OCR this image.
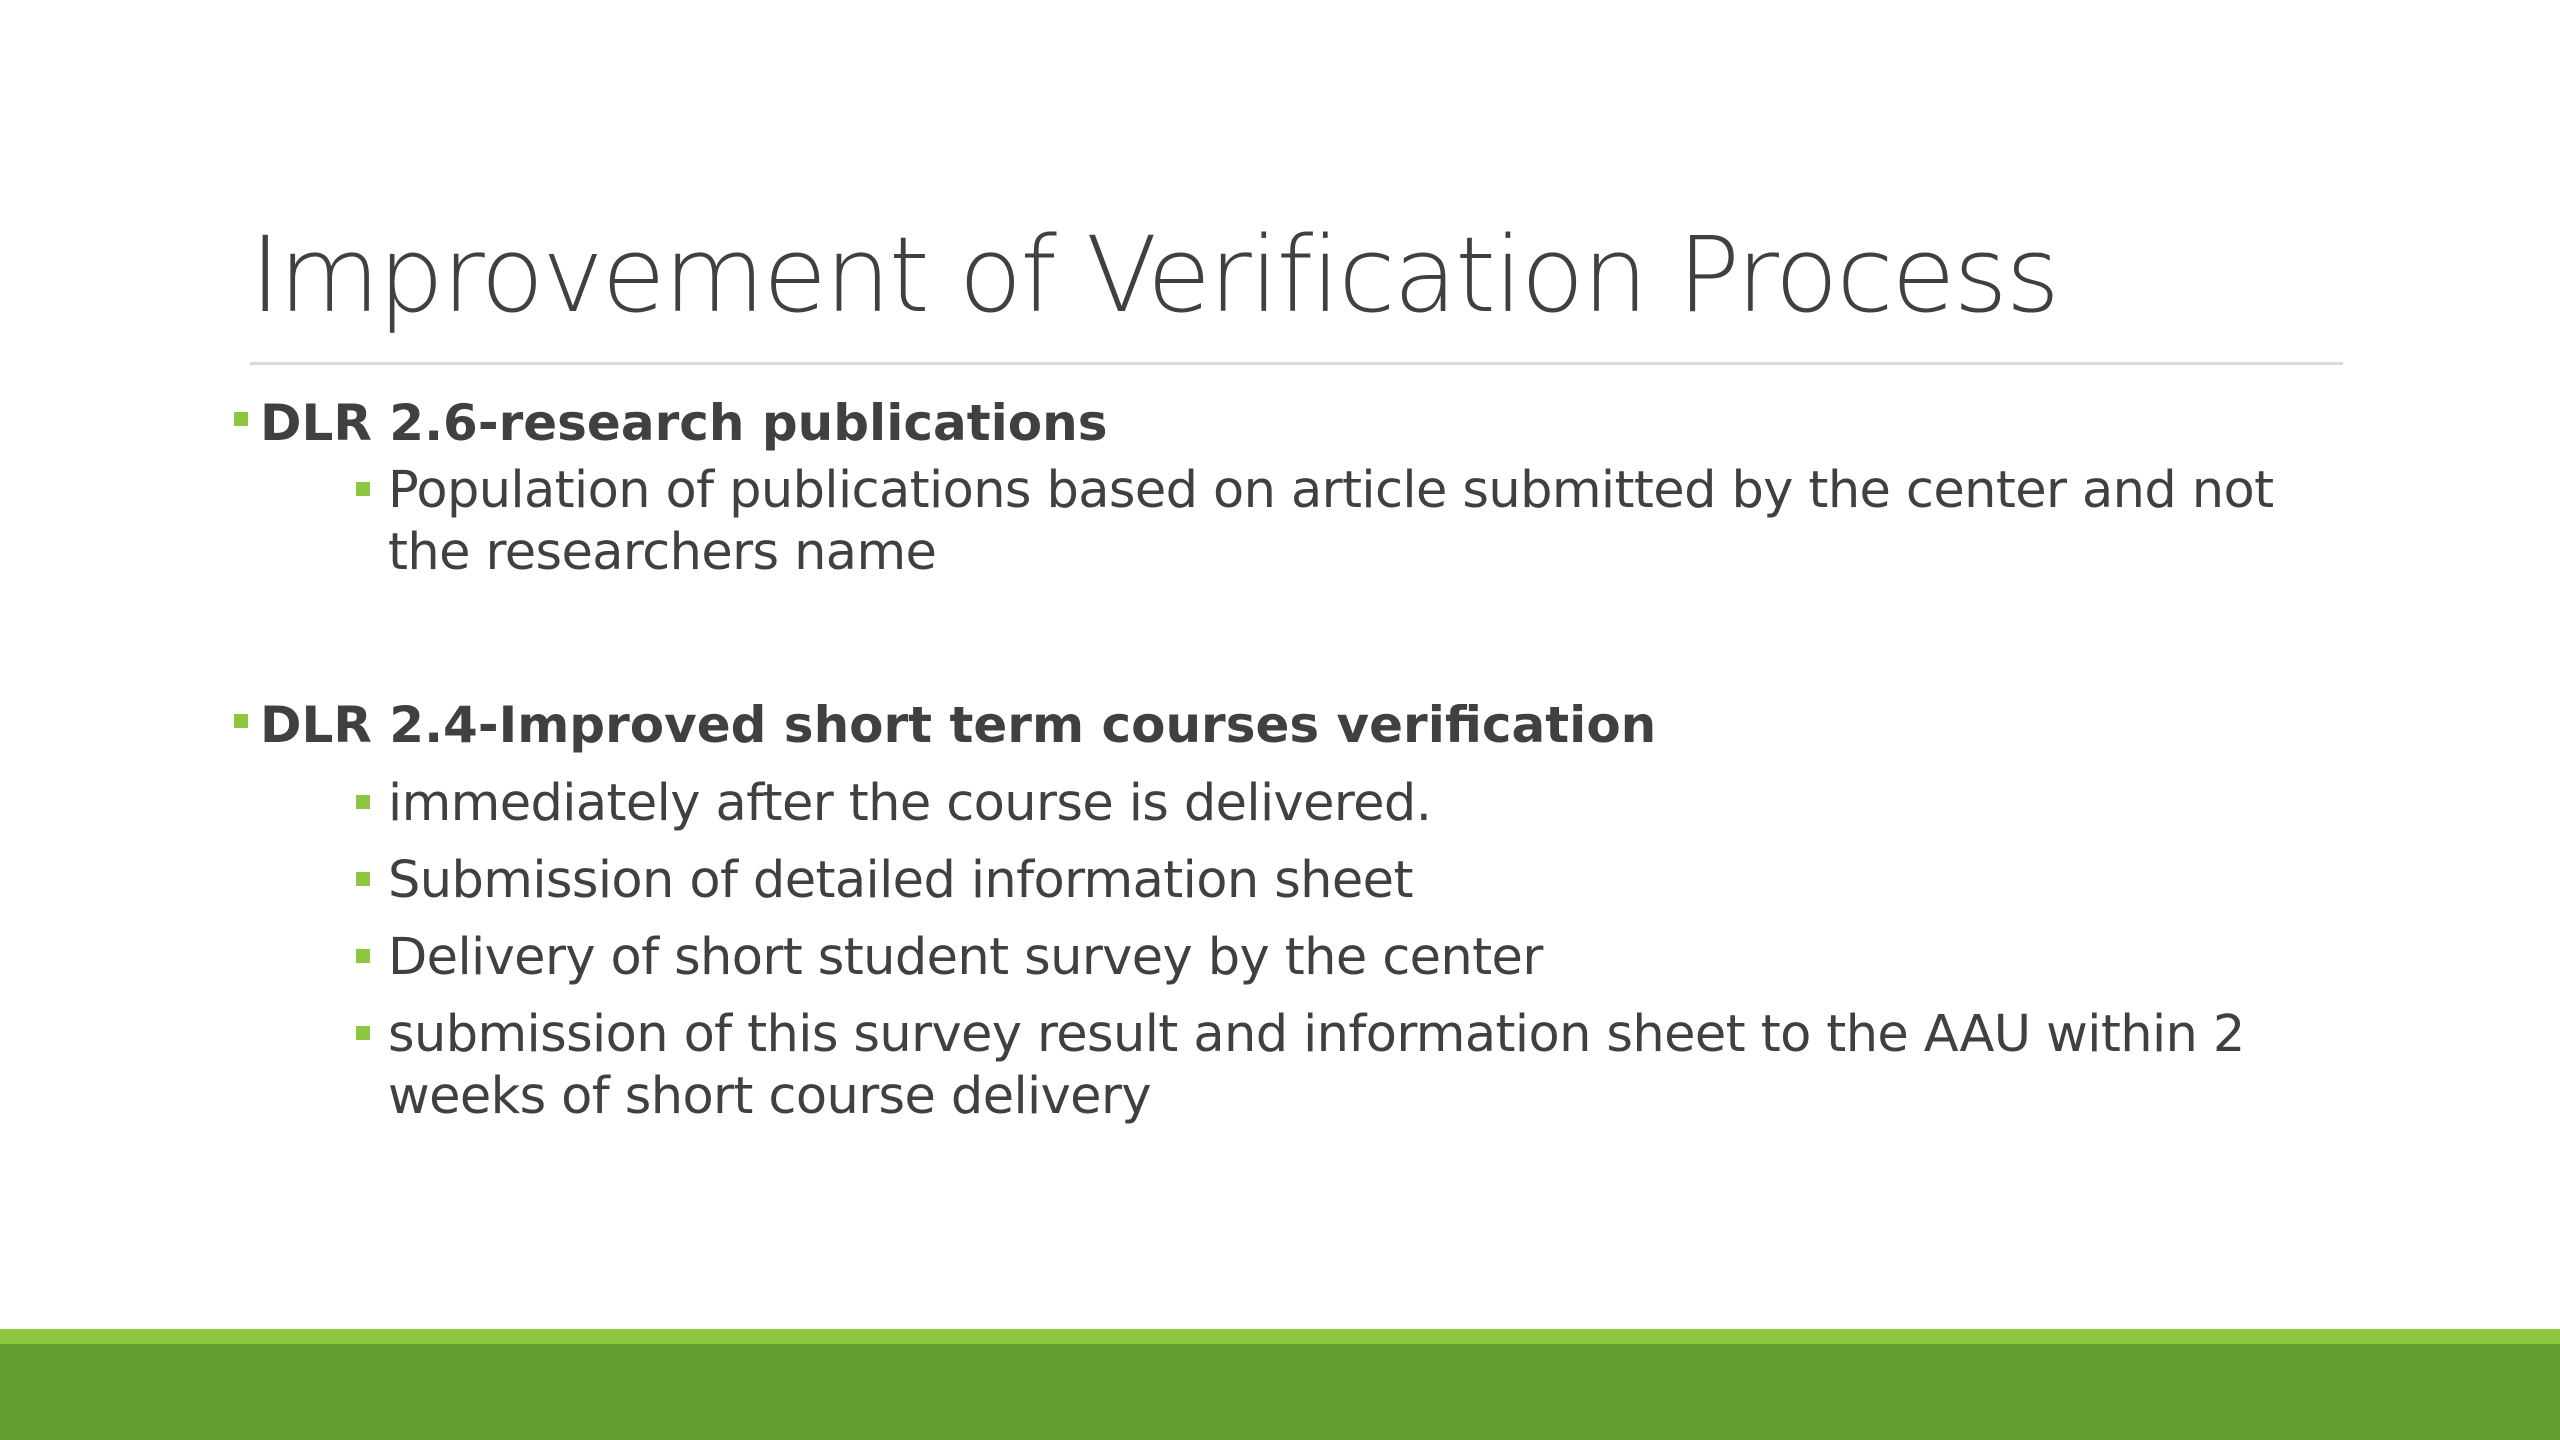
Improvement of Verification Process
DLR 2.6-research publications
Population of publications based on article submitted by the center and not the researchers name
DLR 2.4-Improved short term courses verification
immediately after the course is delivered.
Submission of detailed information sheet
Delivery of short student survey by the center
submission of this survey result and information sheet to the AAU within 2 weeks of short course delivery
